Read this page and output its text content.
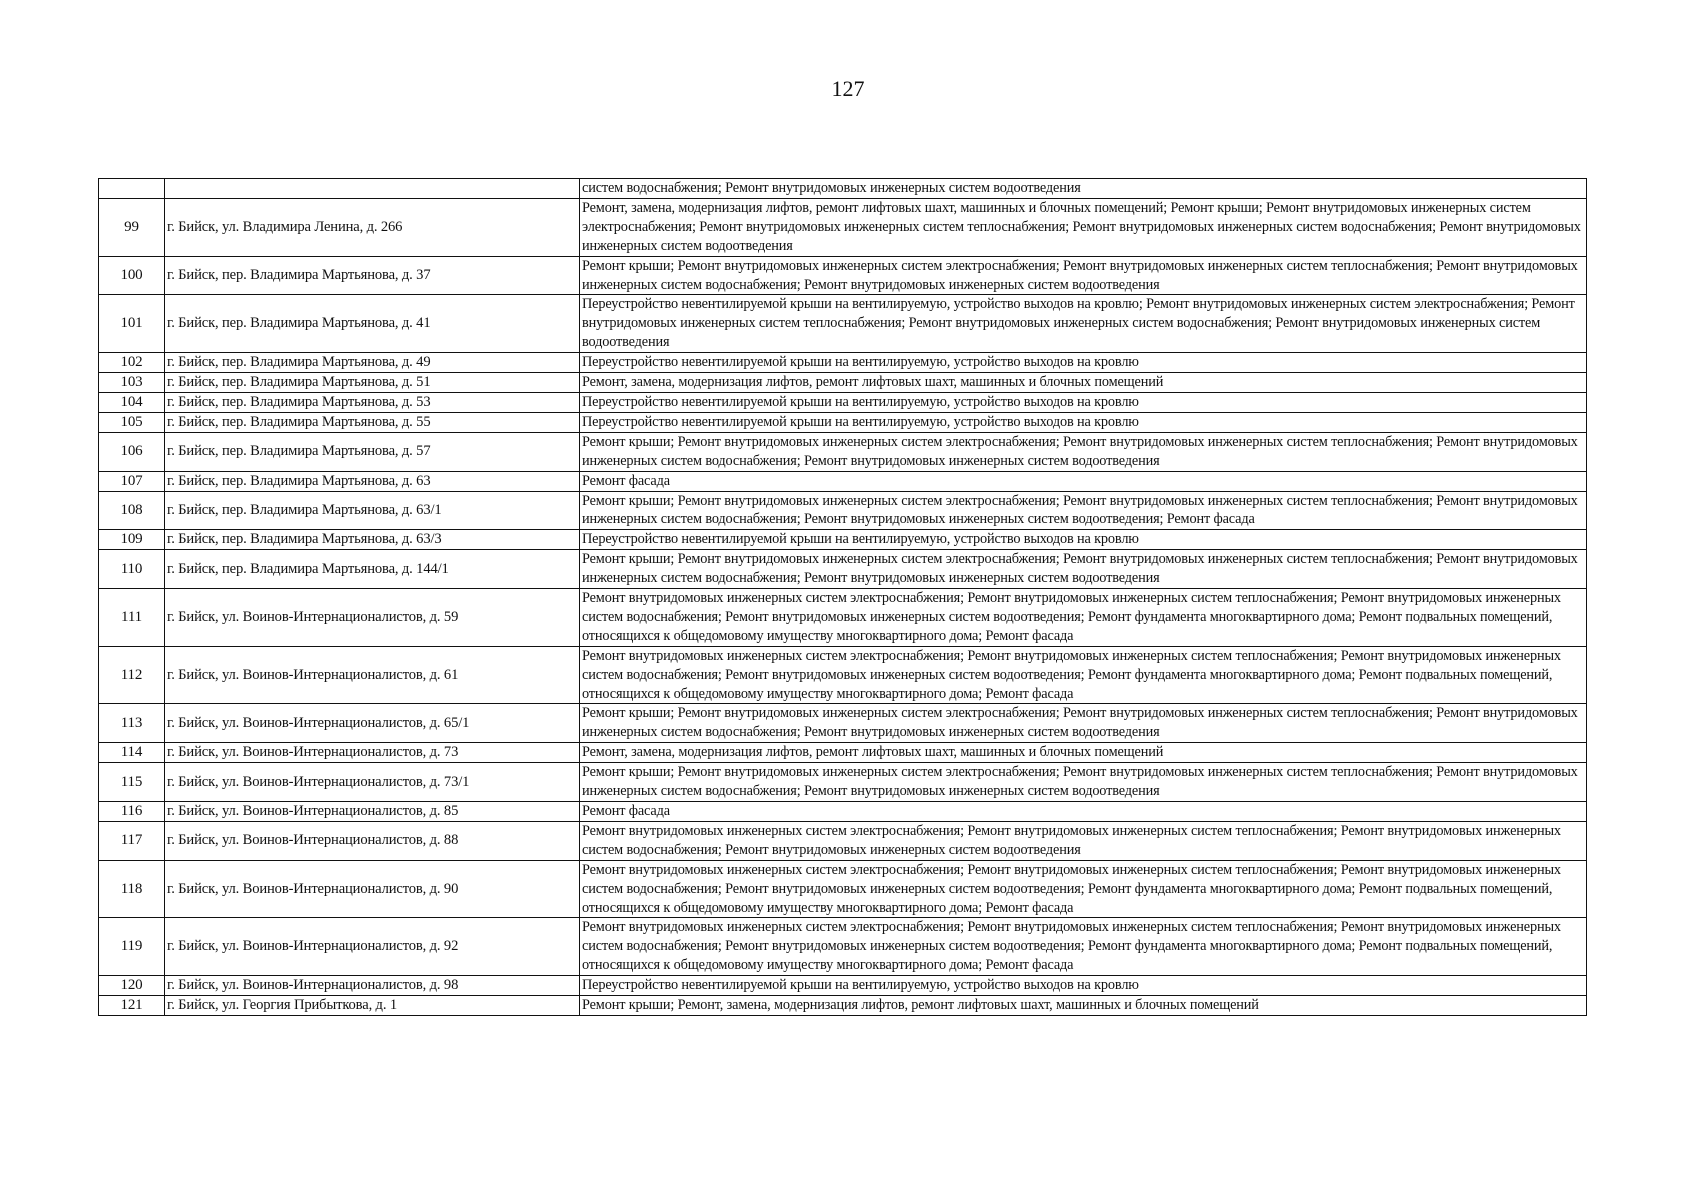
127
		систем водоснабжения; Ремонт внутридомовых инженерных систем водоотведения
99	г. Бийск, ул. Владимира Ленина, д. 266	Ремонт, замена, модернизация лифтов, ремонт лифтовых шахт, машинных и блочных помещений; Ремонт крыши; Ремонт внутридомовых инженерных систем электроснабжения; Ремонт внутридомовых инженерных систем теплоснабжения; Ремонт внутридомовых инженерных систем водоснабжения; Ремонт внутридомовых инженерных систем водоотведения
100	г. Бийск, пер. Владимира Мартьянова, д. 37	Ремонт крыши; Ремонт внутридомовых инженерных систем электроснабжения; Ремонт внутридомовых инженерных систем теплоснабжения; Ремонт внутридомовых инженерных систем водоснабжения; Ремонт внутридомовых инженерных систем водоотведения
101	г. Бийск, пер. Владимира Мартьянова, д. 41	Переустройство невентилируемой крыши на вентилируемую, устройство выходов на кровлю; Ремонт внутридомовых инженерных систем электроснабжения; Ремонт внутридомовых инженерных систем теплоснабжения; Ремонт внутридомовых инженерных систем водоснабжения; Ремонт внутридомовых инженерных систем водоотведения
102	г. Бийск, пер. Владимира Мартьянова, д. 49	Переустройство невентилируемой крыши на вентилируемую, устройство выходов на кровлю
103	г. Бийск, пер. Владимира Мартьянова, д. 51	Ремонт, замена, модернизация лифтов, ремонт лифтовых шахт, машинных и блочных помещений
104	г. Бийск, пер. Владимира Мартьянова, д. 53	Переустройство невентилируемой крыши на вентилируемую, устройство выходов на кровлю
105	г. Бийск, пер. Владимира Мартьянова, д. 55	Переустройство невентилируемой крыши на вентилируемую, устройство выходов на кровлю
106	г. Бийск, пер. Владимира Мартьянова, д. 57	Ремонт крыши; Ремонт внутридомовых инженерных систем электроснабжения; Ремонт внутридомовых инженерных систем теплоснабжения; Ремонт внутридомовых инженерных систем водоснабжения; Ремонт внутридомовых инженерных систем водоотведения
107	г. Бийск, пер. Владимира Мартьянова, д. 63	Ремонт фасада
108	г. Бийск, пер. Владимира Мартьянова, д. 63/1	Ремонт крыши; Ремонт внутридомовых инженерных систем электроснабжения; Ремонт внутридомовых инженерных систем теплоснабжения; Ремонт внутридомовых инженерных систем водоснабжения; Ремонт внутридомовых инженерных систем водоотведения; Ремонт фасада
109	г. Бийск, пер. Владимира Мартьянова, д. 63/3	Переустройство невентилируемой крыши на вентилируемую, устройство выходов на кровлю
110	г. Бийск, пер. Владимира Мартьянова, д. 144/1	Ремонт крыши; Ремонт внутридомовых инженерных систем электроснабжения; Ремонт внутридомовых инженерных систем теплоснабжения; Ремонт внутридомовых инженерных систем водоснабжения; Ремонт внутридомовых инженерных систем водоотведения
111	г. Бийск, ул. Воинов-Интернационалистов, д. 59	Ремонт внутридомовых инженерных систем электроснабжения; Ремонт внутридомовых инженерных систем теплоснабжения; Ремонт внутридомовых инженерных систем водоснабжения; Ремонт внутридомовых инженерных систем водоотведения; Ремонт фундамента многоквартирного дома; Ремонт подвальных помещений, относящихся к общедомовому имуществу многоквартирного дома; Ремонт фасада
112	г. Бийск, ул. Воинов-Интернационалистов, д. 61	Ремонт внутридомовых инженерных систем электроснабжения; Ремонт внутридомовых инженерных систем теплоснабжения; Ремонт внутридомовых инженерных систем водоснабжения; Ремонт внутридомовых инженерных систем водоотведения; Ремонт фундамента многоквартирного дома; Ремонт подвальных помещений, относящихся к общедомовому имуществу многоквартирного дома; Ремонт фасада
113	г. Бийск, ул. Воинов-Интернационалистов, д. 65/1	Ремонт крыши; Ремонт внутридомовых инженерных систем электроснабжения; Ремонт внутридомовых инженерных систем теплоснабжения; Ремонт внутридомовых инженерных систем водоснабжения; Ремонт внутридомовых инженерных систем водоотведения
114	г. Бийск, ул. Воинов-Интернационалистов, д. 73	Ремонт, замена, модернизация лифтов, ремонт лифтовых шахт, машинных и блочных помещений
115	г. Бийск, ул. Воинов-Интернационалистов, д. 73/1	Ремонт крыши; Ремонт внутридомовых инженерных систем электроснабжения; Ремонт внутридомовых инженерных систем теплоснабжения; Ремонт внутридомовых инженерных систем водоснабжения; Ремонт внутридомовых инженерных систем водоотведения
116	г. Бийск, ул. Воинов-Интернационалистов, д. 85	Ремонт фасада
117	г. Бийск, ул. Воинов-Интернационалистов, д. 88	Ремонт внутридомовых инженерных систем электроснабжения; Ремонт внутридомовых инженерных систем теплоснабжения; Ремонт внутридомовых инженерных систем водоснабжения; Ремонт внутридомовых инженерных систем водоотведения
118	г. Бийск, ул. Воинов-Интернационалистов, д. 90	Ремонт внутридомовых инженерных систем электроснабжения; Ремонт внутридомовых инженерных систем теплоснабжения; Ремонт внутридомовых инженерных систем водоснабжения; Ремонт внутридомовых инженерных систем водоотведения; Ремонт фундамента многоквартирного дома; Ремонт подвальных помещений, относящихся к общедомовому имуществу многоквартирного дома; Ремонт фасада
119	г. Бийск, ул. Воинов-Интернационалистов, д. 92	Ремонт внутридомовых инженерных систем электроснабжения; Ремонт внутридомовых инженерных систем теплоснабжения; Ремонт внутридомовых инженерных систем водоснабжения; Ремонт внутридомовых инженерных систем водоотведения; Ремонт фундамента многоквартирного дома; Ремонт подвальных помещений, относящихся к общедомовому имуществу многоквартирного дома; Ремонт фасада
120	г. Бийск, ул. Воинов-Интернационалистов, д. 98	Переустройство невентилируемой крыши на вентилируемую, устройство выходов на кровлю
121	г. Бийск, ул. Георгия Прибыткова, д. 1	Ремонт крыши; Ремонт, замена, модернизация лифтов, ремонт лифтовых шахт, машинных и блочных помещений
